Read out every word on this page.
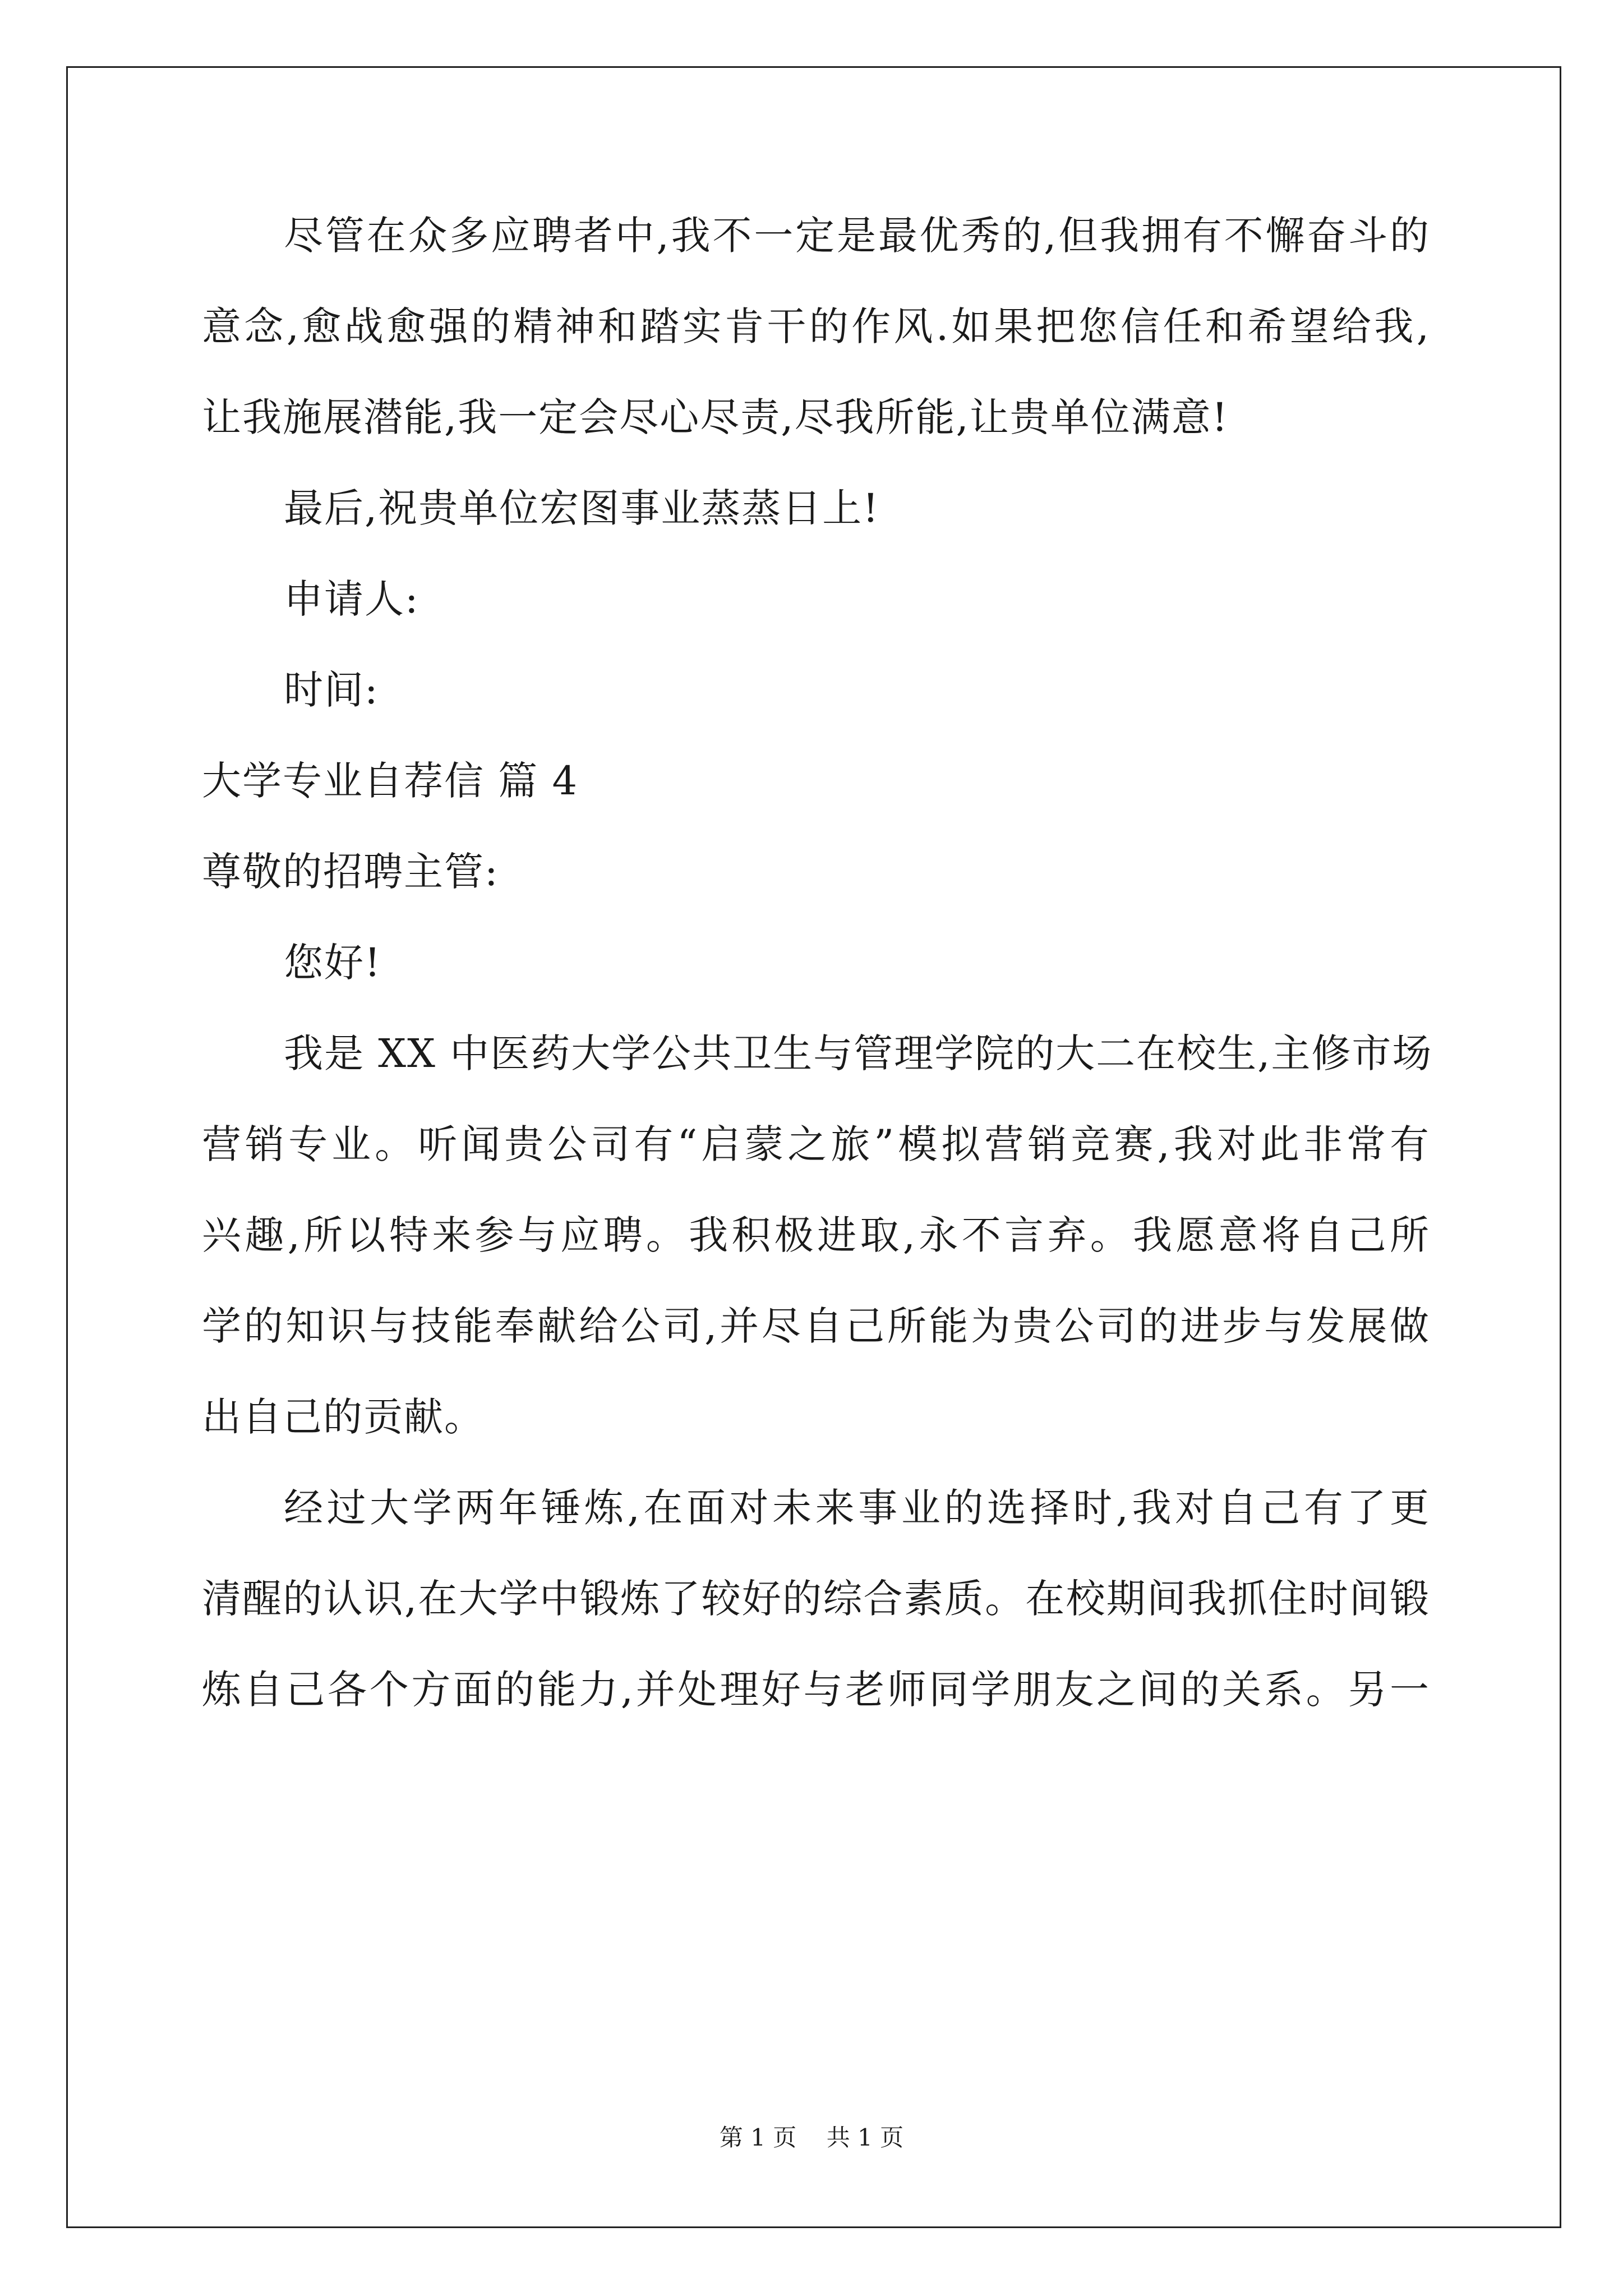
尽管在众多应聘者中,我不一定是最优秀的,但我拥有不懈奋斗的
意念,愈战愈强的精神和踏实肯干的作风.如果把您信任和希望给我,
让我施展潜能,我一定会尽心尽责,尽我所能,让贵单位满意!
最后,祝贵单位宏图事业蒸蒸日上!
申请人:
时间:
大学专业自荐信 篇 4
尊敬的招聘主管:
您好!
我是 XX 中医药大学公共卫生与管理学院的大二在校生,主修市场
营销专业。听闻贵公司有“启蒙之旅”模拟营销竞赛,我对此非常有
兴趣,所以特来参与应聘。我积极进取,永不言弃。我愿意将自己所
学的知识与技能奉献给公司,并尽自己所能为贵公司的进步与发展做
出自己的贡献。
经过大学两年锤炼,在面对未来事业的选择时,我对自己有了更
清醒的认识,在大学中锻炼了较好的综合素质。在校期间我抓住时间锻
炼自己各个方面的能力,并处理好与老师同学朋友之间的关系。另一
第 1 页    共 1 页
